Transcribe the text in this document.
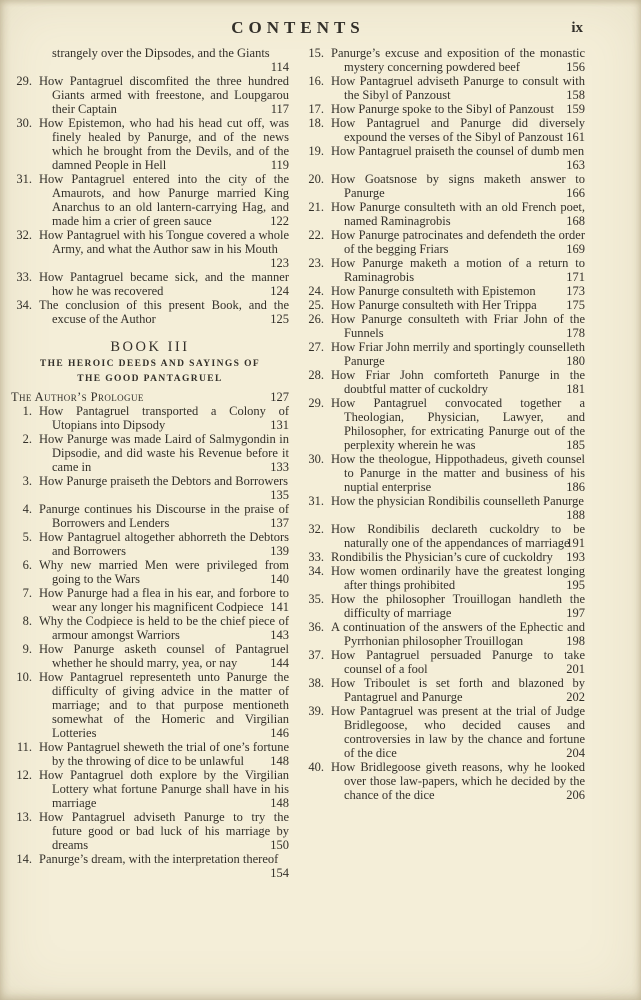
CONTENTS	ix
strangely over the Dipsodes, and the Giants
114
29. How Pantagruel discomfited the three hundred Giants armed with freestone, and Loupgarou their Captain	117
30. How Epistemon, who had his head cut off, was finely healed by Panurge, and of the news which he brought from the Devils, and of the damned People in Hell	119
31. How Pantagruel entered into the city of the Amaurots, and how Panurge married King Anarchus to an old lantern-carrying Hag, and made him a crier of green sauce	122
32. How Pantagruel with his Tongue covered a whole Army, and what the Author saw in his Mouth
123
33. How Pantagruel became sick, and the manner how he was recovered	124
34. The conclusion of this present Book, and the excuse of the Author	125
BOOK III
THE HEROIC DEEDS AND SAYINGS OF
THE GOOD PANTAGRUEL
The Author’s Prologue	127
1. How Pantagruel transported a Colony of Utopians into Dipsody	131
2. How Panurge was made Laird of Salmygondin in Dipsodie, and did waste his Revenue before it came in	133
3. How Panurge praiseth the Debtors and Borrowers
135
4. Panurge continues his Discourse in the praise of Borrowers and Lenders	137
5. How Pantagruel altogether abhorreth the Debtors and Borrowers	139
6. Why new married Men were privileged from going to the Wars	140
7. How Panurge had a flea in his ear, and forbore to wear any longer his magnificent Codpiece 141
8. Why the Codpiece is held to be the chief piece of armour amongst Warriors	143
9. How Panurge asketh counsel of Pantagruel whether he should marry, yea, or nay	144
10. How Pantagruel representeth unto Panurge the difficulty of giving advice in the matter of marriage; and to that purpose mentioneth somewhat of the Homeric and Virgilian Lotteries	146
11. How Pantagruel sheweth the trial of one’s fortune by the throwing of dice to be unlawful 148
12. How Pantagruel doth explore by the Virgilian Lottery what fortune Panurge shall have in his marriage	148
13. How Pantagruel adviseth Panurge to try the future good or bad luck of his marriage by dreams	150
14. Panurge’s dream, with the interpretation thereof
154
15. Panurge’s excuse and exposition of the monastic mystery concerning powdered beef	156
16. How Pantagruel adviseth Panurge to consult with the Sibyl of Panzoust	158
17. How Panurge spoke to the Sibyl of Panzoust 159
18. How Pantagruel and Panurge did diversely expound the verses of the Sibyl of Panzoust 161
19. How Pantagruel praiseth the counsel of dumb men
163
20. How Goatsnose by signs maketh answer to Panurge	166
21. How Panurge consulteth with an old French poet, named Raminagrobis	168
22. How Panurge patrocinates and defendeth the order of the begging Friars	169
23. How Panurge maketh a motion of a return to Raminagrobis	171
24. How Panurge consulteth with Epistemon 173
25. How Panurge consulteth with Her Trippa 175
26. How Panurge consulteth with Friar John of the Funnels	178
27. How Friar John merrily and sportingly counselleth Panurge	180
28. How Friar John comforteth Panurge in the doubtful matter of cuckoldry	181
29. How Pantagruel convocated together a Theologian, Physician, Lawyer, and Philosopher, for extricating Panurge out of the perplexity wherein he was	185
30. How the theologue, Hippothadeus, giveth counsel to Panurge in the matter and business of his nuptial enterprise	186
31. How the physician Rondibilis counselleth Panurge
188
32. How Rondibilis declareth cuckoldry to be naturally one of the appendances of marriage
191
33. Rondibilis the Physician’s cure of cuckoldry 193
34. How women ordinarily have the greatest longing after things prohibited	195
35. How the philosopher Trouillogan handleth the difficulty of marriage	197
36. A continuation of the answers of the Ephectic and Pyrrhonian philosopher Trouillogan	198
37. How Pantagruel persuaded Panurge to take counsel of a fool	201
38. How Triboulet is set forth and blazoned by Pantagruel and Panurge	202
39. How Pantagruel was present at the trial of Judge Bridlegoose, who decided causes and controversies in law by the chance and fortune of the dice	204
40. How Bridlegoose giveth reasons, why he looked over those law-papers, which he decided by the chance of the dice	206
